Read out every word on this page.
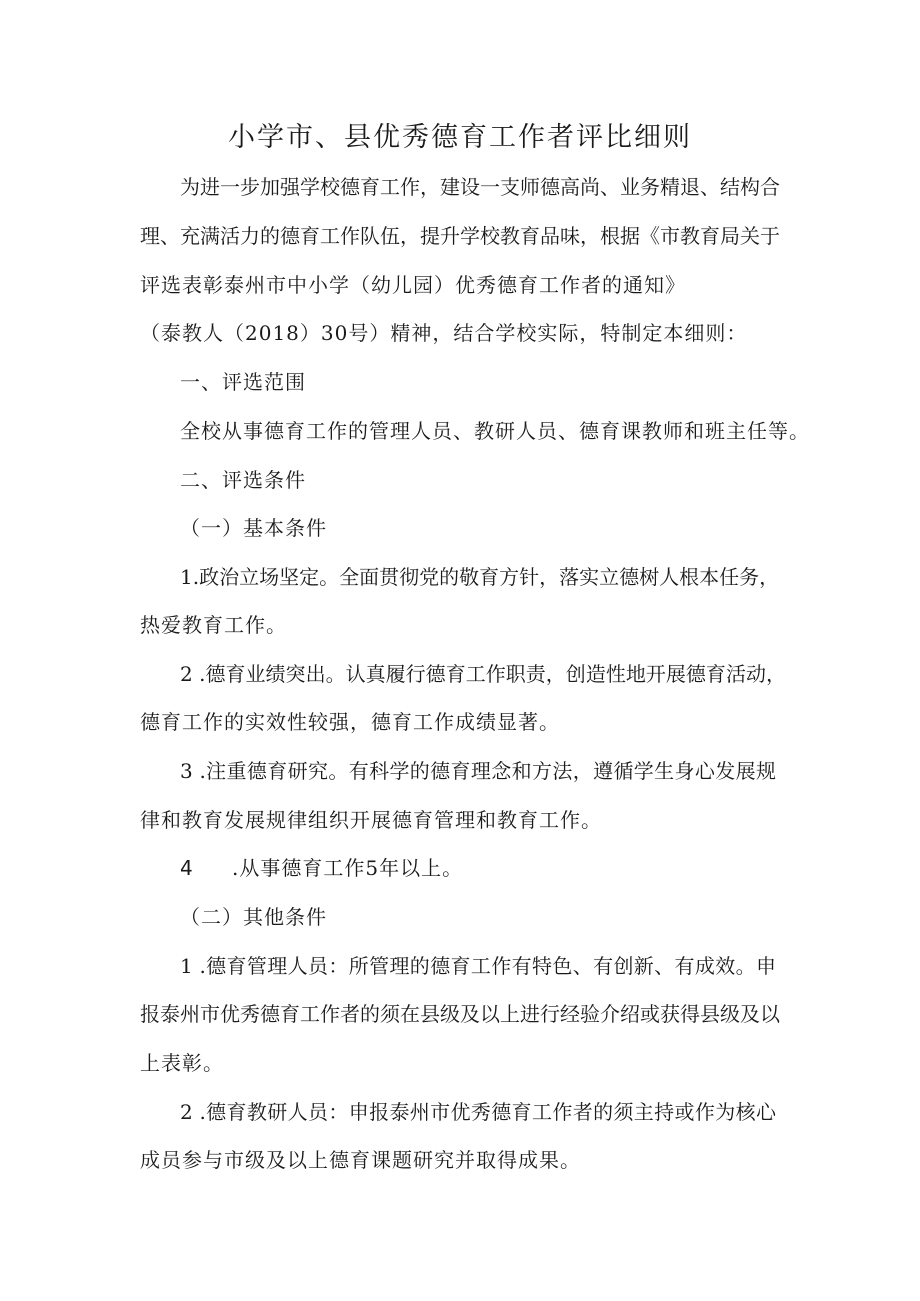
小学市、县优秀德育工作者评比细则
为进一步加强学校德育工作，建设一支师德高尚、业务精退、结构合
理、充满活力的德育工作队伍，提升学校教育品味，根据《市教育局关于
评选表彰泰州市中小学（幼儿园）优秀德育工作者的通知》
（泰教人（2018）30号）精神，结合学校实际，特制定本细则：
一、评选范围
全校从事德育工作的管理人员、教研人员、德育课教师和班主任等。
二、评选条件
（一）基本条件
1.政治立场坚定。全面贯彻党的敬育方针，落实立德树人根本任务，
热爱教育工作。
2 .德育业绩突出。认真履行德育工作职责，创造性地开展德育活动，
德育工作的实效性较强，德育工作成绩显著。
3 .注重德育研究。有科学的德育理念和方法，遵循学生身心发展规
律和教育发展规律组织开展德育管理和教育工作。
4 .从事德育工作5年以上。
（二）其他条件
1 .德育管理人员：所管理的德育工作有特色、有创新、有成效。申
报泰州市优秀德育工作者的须在县级及以上进行经验介绍或获得县级及以
上表彰。
2 .德育教研人员：申报泰州市优秀德育工作者的须主持或作为核心
成员参与市级及以上德育课题研究并取得成果。
